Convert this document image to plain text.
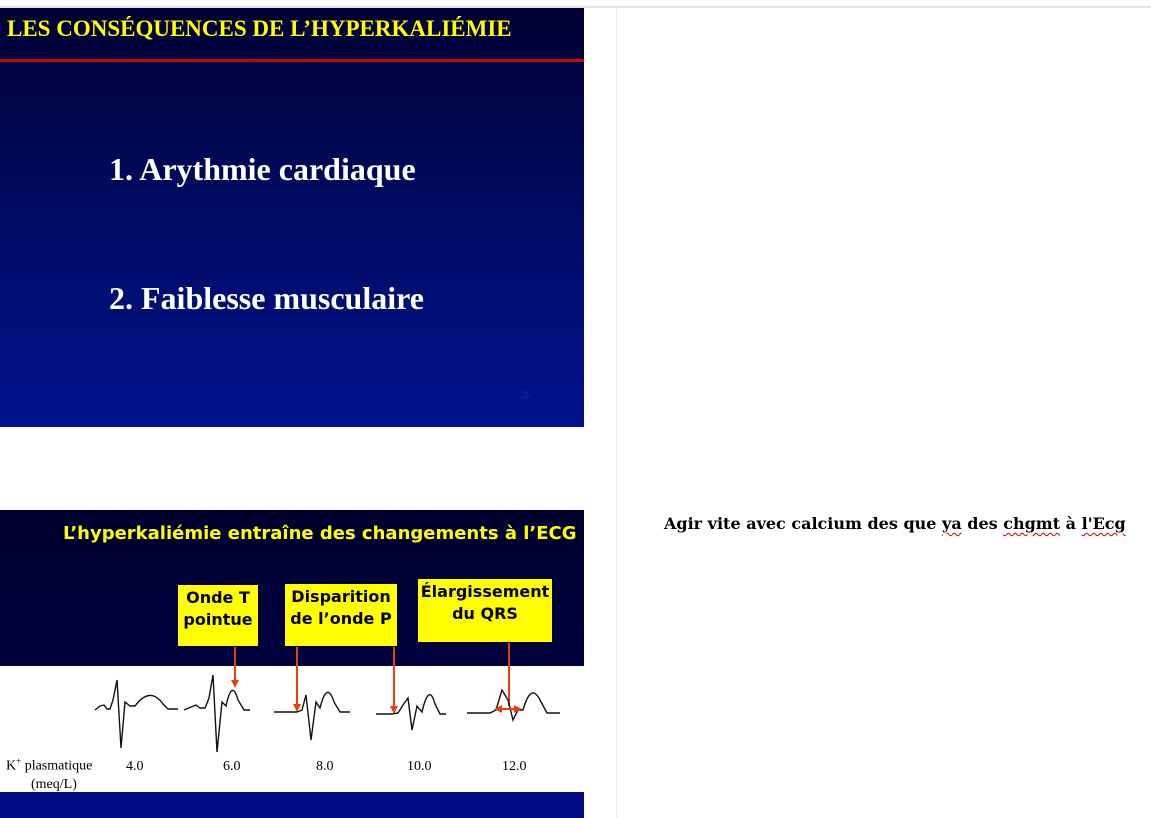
LES CONSÉQUENCES DE L’HYPERKALIÉMIE
1. Arythmie cardiaque
2. Faiblesse musculaire
26
L’hyperkaliémie entraîne des changements à l’ECG
Onde T
pointue
Disparition
de l’onde P
Élargissement
du QRS
K+ plasmatique
(meq/L)
4.0	6.0	8.0	10.0	12.0
Agir vite avec calcium des que ya des chgmt à l'Ecg
